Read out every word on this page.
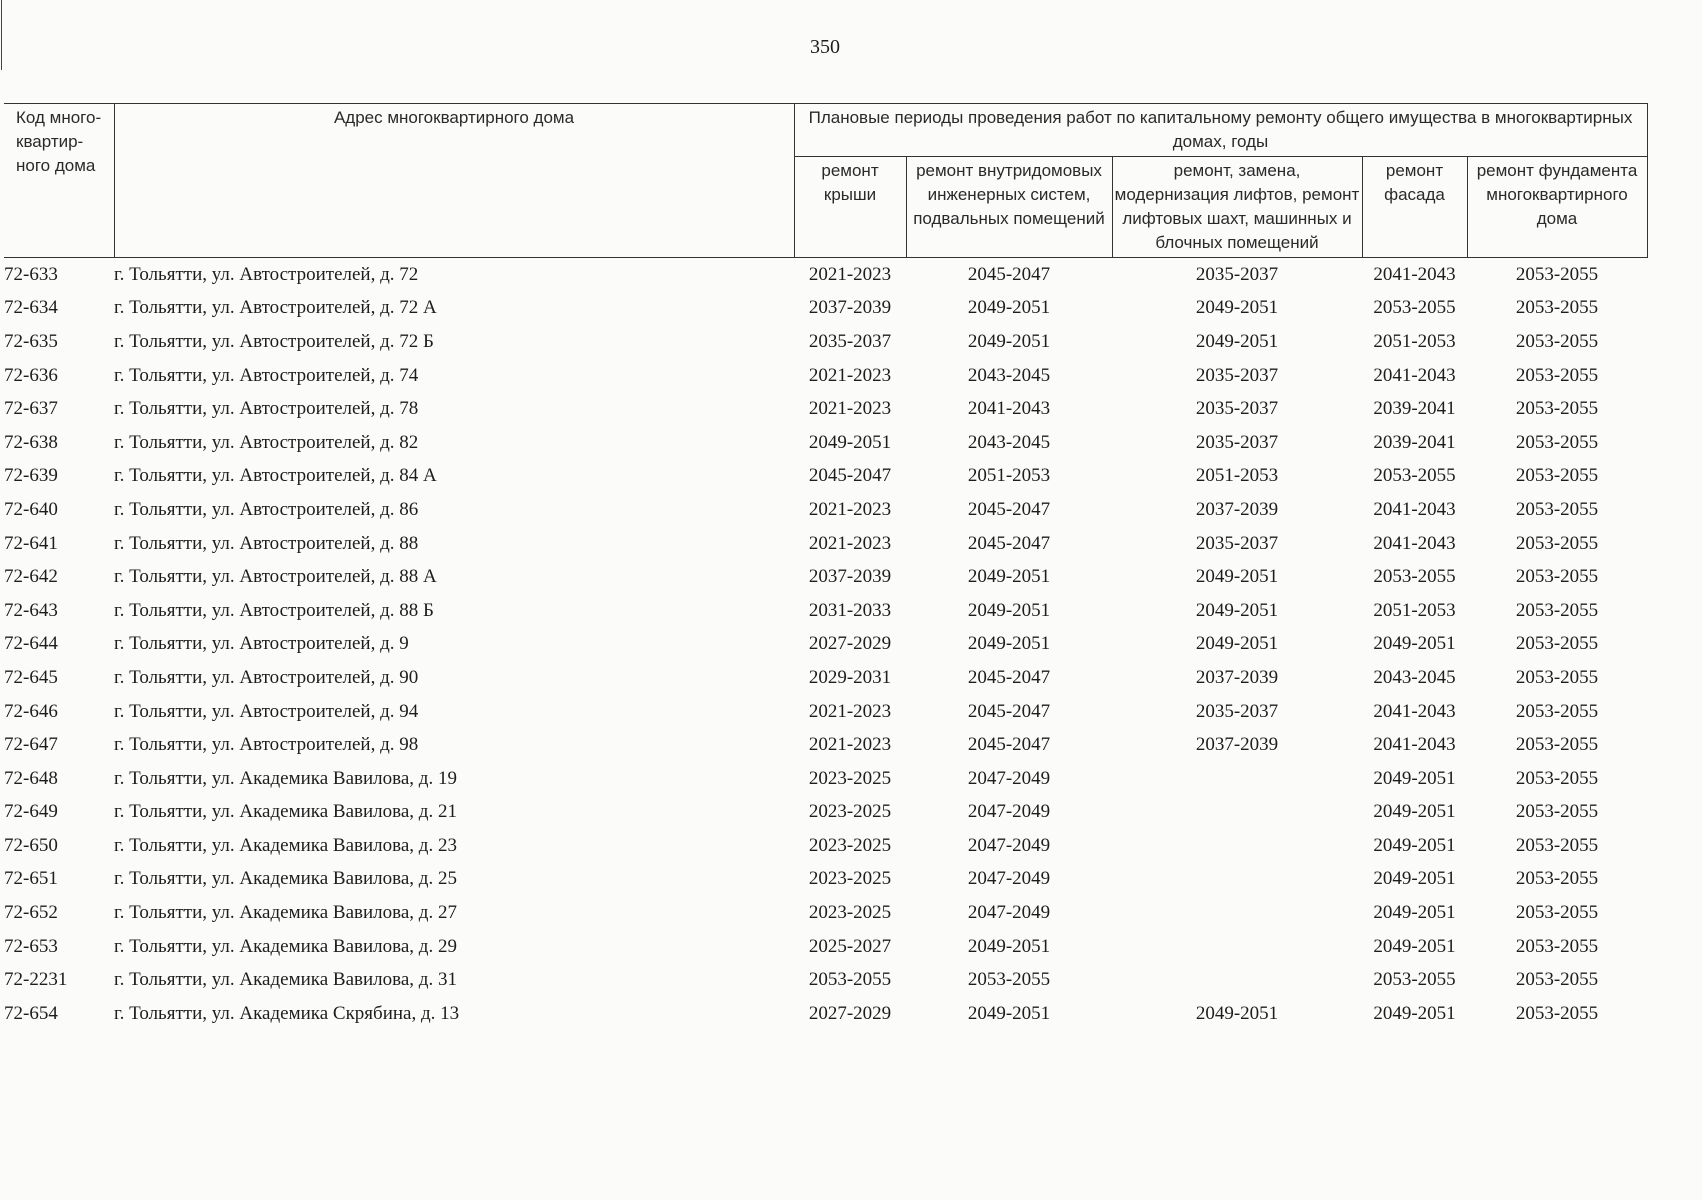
350
Код много-квартир-ного дома	Адрес многоквартирного дома	Плановые периоды проведения работ по капитальному ремонту общего имущества в многоквартирных домах, годы				
		ремонт крыши	ремонт внутридомовых инженерных систем, подвальных помещений	ремонт, замена, модернизация лифтов, ремонт лифтовых шахт, машинных и блочных помещений	ремонт фасада	ремонт фундамента многоквартирного дома
72-633	г. Тольятти, ул. Автостроителей, д. 72	2021-2023	2045-2047	2035-2037	2041-2043	2053-2055
72-634	г. Тольятти, ул. Автостроителей, д. 72 А	2037-2039	2049-2051	2049-2051	2053-2055	2053-2055
72-635	г. Тольятти, ул. Автостроителей, д. 72 Б	2035-2037	2049-2051	2049-2051	2051-2053	2053-2055
72-636	г. Тольятти, ул. Автостроителей, д. 74	2021-2023	2043-2045	2035-2037	2041-2043	2053-2055
72-637	г. Тольятти, ул. Автостроителей, д. 78	2021-2023	2041-2043	2035-2037	2039-2041	2053-2055
72-638	г. Тольятти, ул. Автостроителей, д. 82	2049-2051	2043-2045	2035-2037	2039-2041	2053-2055
72-639	г. Тольятти, ул. Автостроителей, д. 84 А	2045-2047	2051-2053	2051-2053	2053-2055	2053-2055
72-640	г. Тольятти, ул. Автостроителей, д. 86	2021-2023	2045-2047	2037-2039	2041-2043	2053-2055
72-641	г. Тольятти, ул. Автостроителей, д. 88	2021-2023	2045-2047	2035-2037	2041-2043	2053-2055
72-642	г. Тольятти, ул. Автостроителей, д. 88 А	2037-2039	2049-2051	2049-2051	2053-2055	2053-2055
72-643	г. Тольятти, ул. Автостроителей, д. 88 Б	2031-2033	2049-2051	2049-2051	2051-2053	2053-2055
72-644	г. Тольятти, ул. Автостроителей, д. 9	2027-2029	2049-2051	2049-2051	2049-2051	2053-2055
72-645	г. Тольятти, ул. Автостроителей, д. 90	2029-2031	2045-2047	2037-2039	2043-2045	2053-2055
72-646	г. Тольятти, ул. Автостроителей, д. 94	2021-2023	2045-2047	2035-2037	2041-2043	2053-2055
72-647	г. Тольятти, ул. Автостроителей, д. 98	2021-2023	2045-2047	2037-2039	2041-2043	2053-2055
72-648	г. Тольятти, ул. Академика Вавилова, д. 19	2023-2025	2047-2049		2049-2051	2053-2055
72-649	г. Тольятти, ул. Академика Вавилова, д. 21	2023-2025	2047-2049		2049-2051	2053-2055
72-650	г. Тольятти, ул. Академика Вавилова, д. 23	2023-2025	2047-2049		2049-2051	2053-2055
72-651	г. Тольятти, ул. Академика Вавилова, д. 25	2023-2025	2047-2049		2049-2051	2053-2055
72-652	г. Тольятти, ул. Академика Вавилова, д. 27	2023-2025	2047-2049		2049-2051	2053-2055
72-653	г. Тольятти, ул. Академика Вавилова, д. 29	2025-2027	2049-2051		2049-2051	2053-2055
72-2231	г. Тольятти, ул. Академика Вавилова, д. 31	2053-2055	2053-2055		2053-2055	2053-2055
72-654	г. Тольятти, ул. Академика Скрябина, д. 13	2027-2029	2049-2051	2049-2051	2049-2051	2053-2055
